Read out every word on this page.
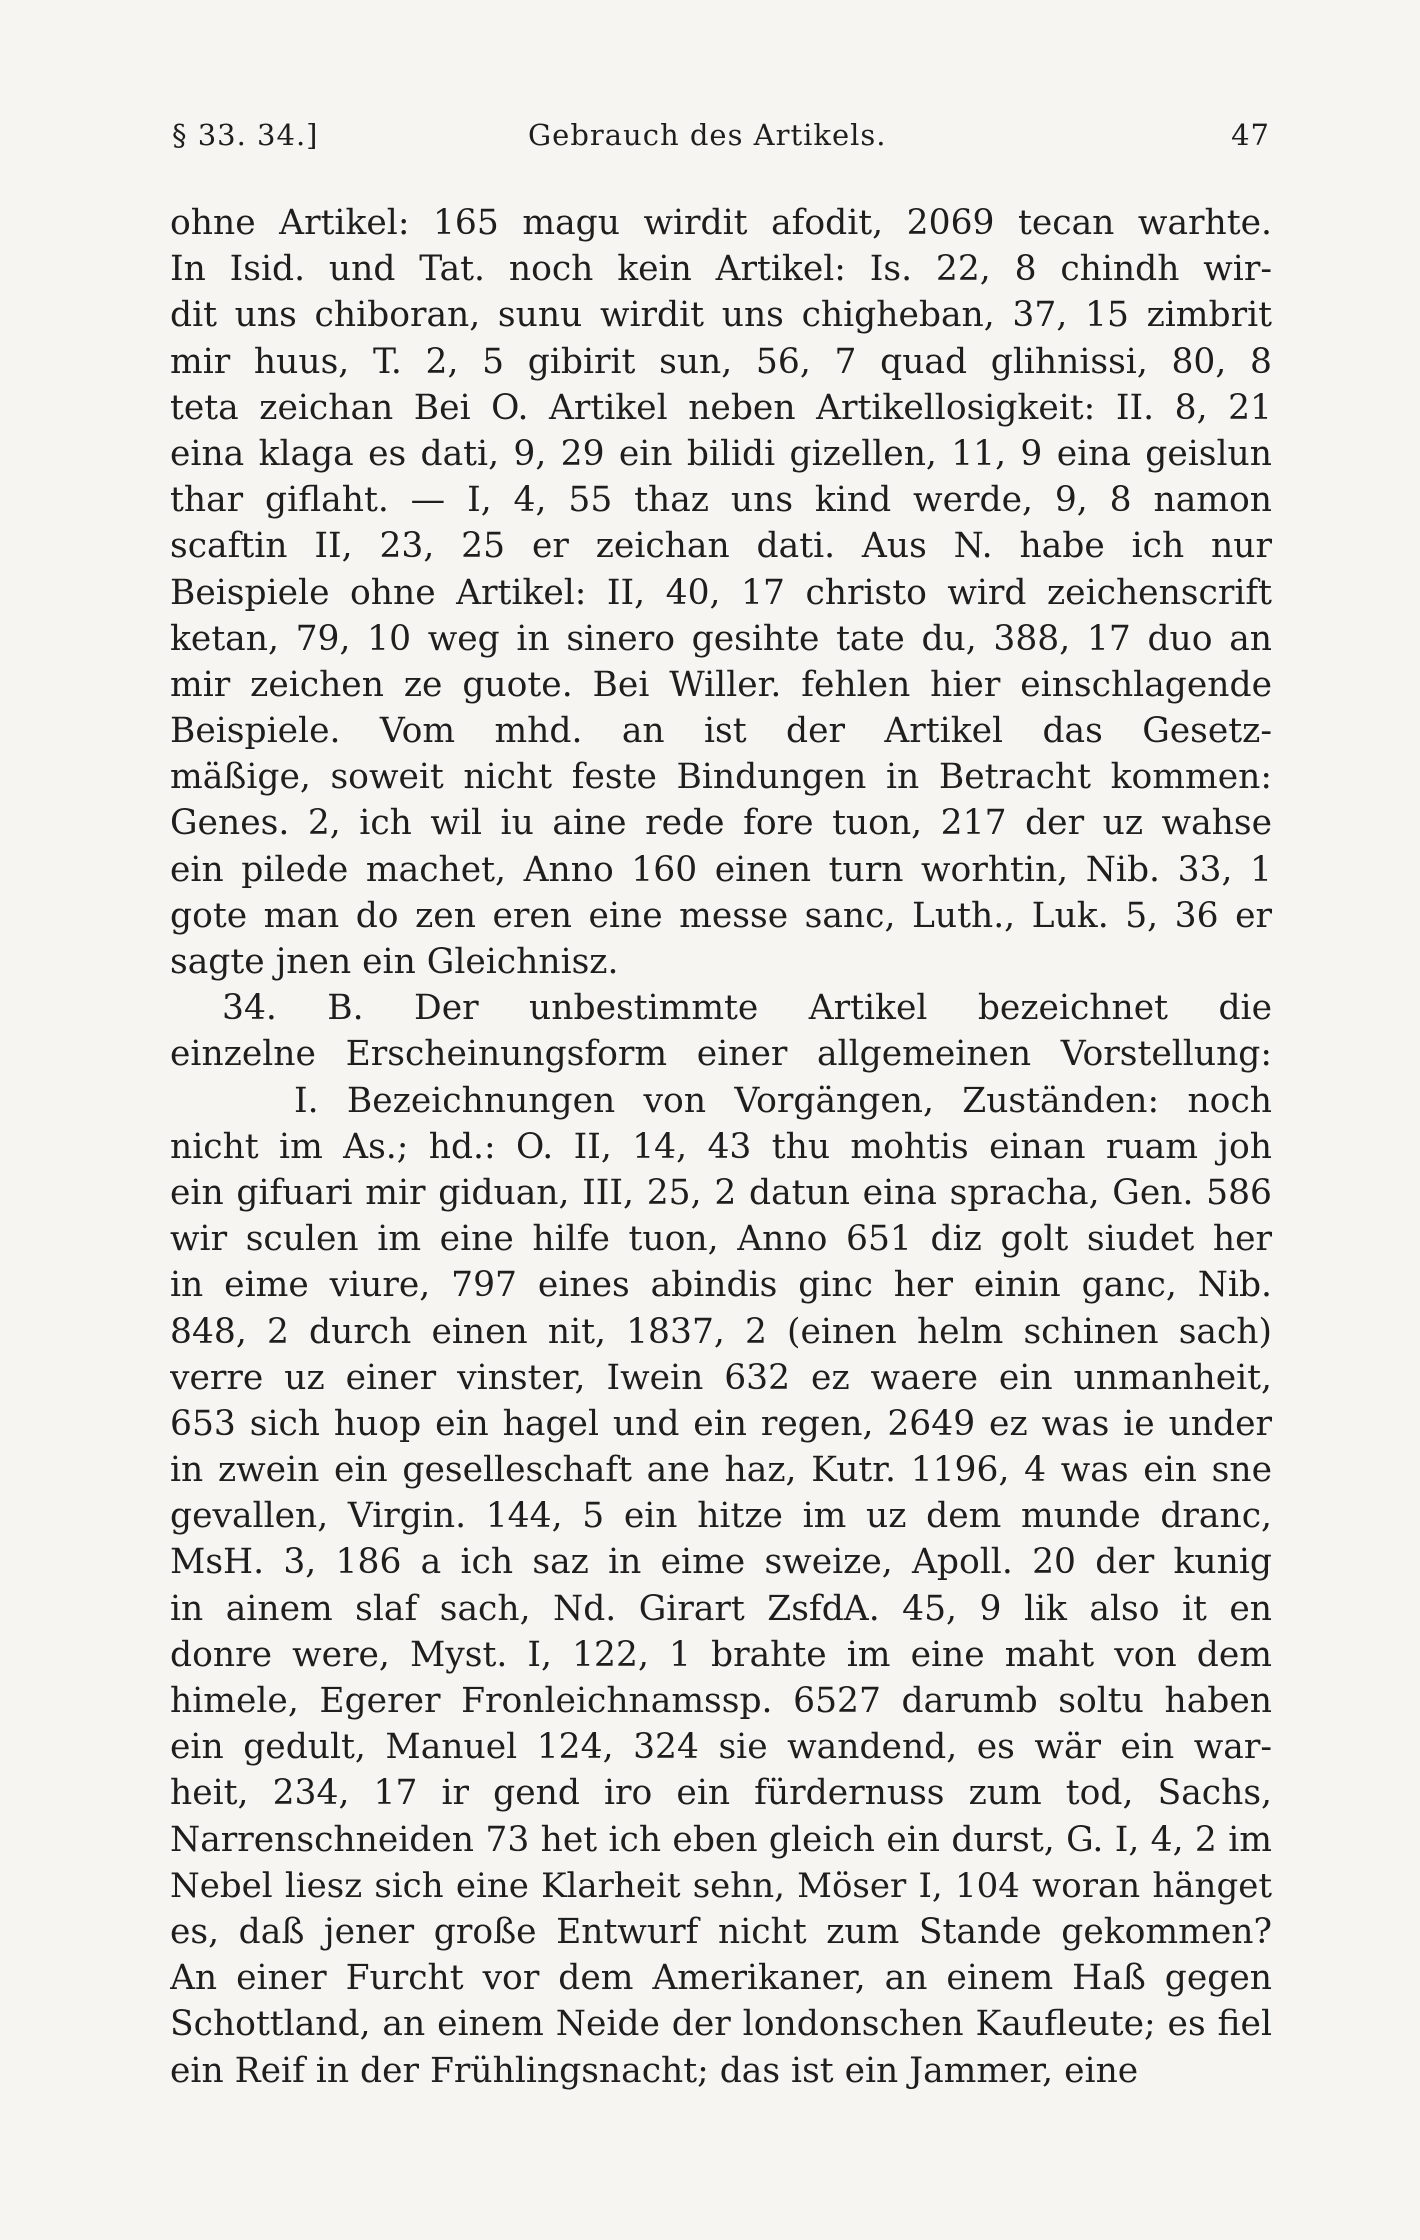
§ 33. 34.]	Gebrauch des Artikels.	47
ohne Artikel: 165 magu wirdit afodit, 2069 tecan warhte.
In Isid. und Tat. noch kein Artikel: Is. 22, 8 chindh wir-
dit uns chiboran, sunu wirdit uns chigheban, 37, 15 zimbrit
mir huus, T. 2, 5 gibirit sun, 56, 7 quad glihnissi, 80, 8
teta zeichan Bei O. Artikel neben Artikellosigkeit: II. 8, 21
eina klaga es dati, 9, 29 ein bilidi gizellen, 11, 9 eina geislun
thar giflaht. — I, 4, 55 thaz uns kind werde, 9, 8 namon
scaftin II, 23, 25 er zeichan dati. Aus N. habe ich nur
Beispiele ohne Artikel: II, 40, 17 christo wird zeichenscrift
ketan, 79, 10 weg in sinero gesihte tate du, 388, 17 duo an
mir zeichen ze guote. Bei Willer. fehlen hier einschlagende
Beispiele. Vom mhd. an ist der Artikel das Gesetz-
mäßige, soweit nicht feste Bindungen in Betracht kommen:
Genes. 2, ich wil iu aine rede fore tuon, 217 der uz wahse
ein pilede machet, Anno 160 einen turn worhtin, Nib. 33, 1
gote man do zen eren eine messe sanc, Luth., Luk. 5, 36 er
sagte jnen ein Gleichnisz.
34. B. Der unbestimmte Artikel bezeichnet die
einzelne Erscheinungsform einer allgemeinen Vorstellung:
I. Bezeichnungen von Vorgängen, Zuständen: noch
nicht im As.; hd.: O. II, 14, 43 thu mohtis einan ruam joh
ein gifuari mir giduan, III, 25, 2 datun eina spracha, Gen. 586
wir sculen im eine hilfe tuon, Anno 651 diz golt siudet her
in eime viure, 797 eines abindis ginc her einin ganc, Nib.
848, 2 durch einen nit, 1837, 2 (einen helm schinen sach)
verre uz einer vinster, Iwein 632 ez waere ein unmanheit,
653 sich huop ein hagel und ein regen, 2649 ez was ie under
in zwein ein geselleschaft ane haz, Kutr. 1196, 4 was ein sne
gevallen, Virgin. 144, 5 ein hitze im uz dem munde dranc,
MsH. 3, 186 a ich saz in eime sweize, Apoll. 20 der kunig
in ainem slaf sach, Nd. Girart ZsfdA. 45, 9 lik also it en
donre were, Myst. I, 122, 1 brahte im eine maht von dem
himele, Egerer Fronleichnamssp. 6527 darumb soltu haben
ein gedult, Manuel 124, 324 sie wandend, es wär ein war-
heit, 234, 17 ir gend iro ein fürdernuss zum tod, Sachs,
Narrenschneiden 73 het ich eben gleich ein durst, G. I, 4, 2 im
Nebel liesz sich eine Klarheit sehn, Möser I, 104 woran hänget
es, daß jener große Entwurf nicht zum Stande gekommen?
An einer Furcht vor dem Amerikaner, an einem Haß gegen
Schottland, an einem Neide der londonschen Kaufleute; es fiel
ein Reif in der Frühlingsnacht; das ist ein Jammer, eine
